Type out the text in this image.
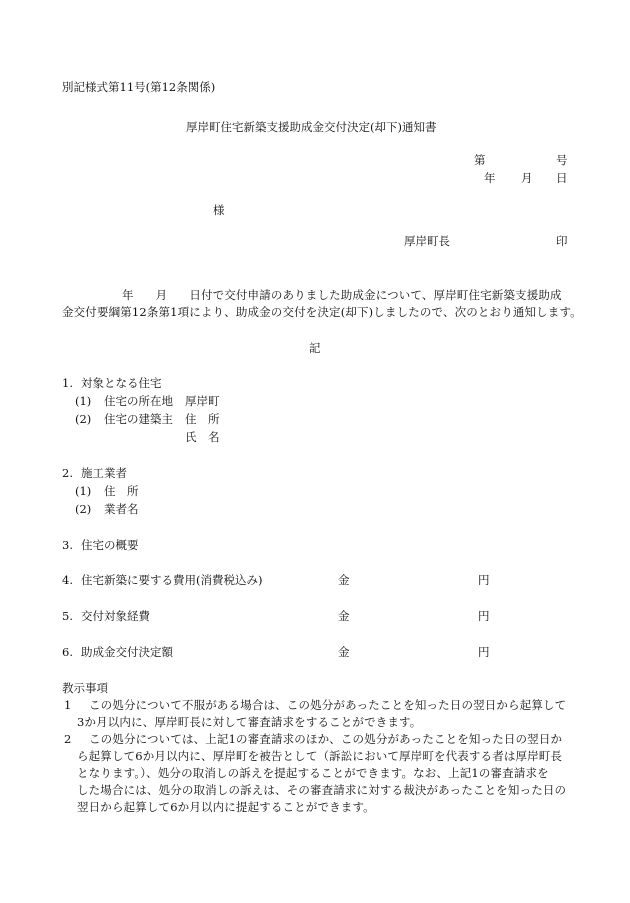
別記様式第11号(第12条関係)
厚岸町住宅新築支援助成金交付決定(却下)通知書
第	号
年 月 日
様
厚岸町長	印
年 月 日付で交付申請のありました助成金について、厚岸町住宅新築支援助成
金交付要綱第12条第1項により、助成金の交付を決定(却下)しましたので、次のとおり通知します。
記
1. 対象となる住宅
(1) 住宅の所在地 厚岸町
(2) 住宅の建築主 住　所
氏　名
2. 施工業者
(1) 住　所
(2) 業者名
3. 住宅の概要
4. 住宅新築に要する費用(消費税込み)	金	円
5. 交付対象経費	金	円
6. 助成金交付決定額	金	円
教示事項
1 この処分について不服がある場合は、この処分があったことを知った日の翌日から起算して
3か月以内に、厚岸町長に対して審査請求をすることができます。
2 この処分については、上記1の審査請求のほか、この処分があったことを知った日の翌日か
ら起算して6か月以内に、厚岸町を被告として（訴訟において厚岸町を代表する者は厚岸町長
となります。）、処分の取消しの訴えを提起することができます。なお、上記1の審査請求を
した場合には、処分の取消しの訴えは、その審査請求に対する裁決があったことを知った日の
翌日から起算して6か月以内に提起することができます。
